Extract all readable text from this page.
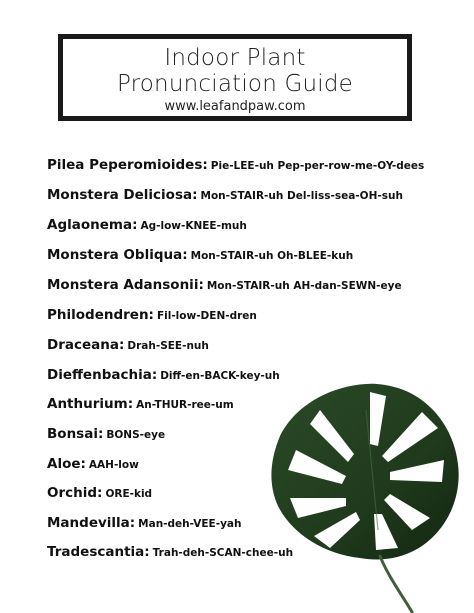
Indoor Plant
Pronunciation Guide
www.leafandpaw.com
Pilea Peperomioides: Pie-LEE-uh Pep-per-row-me-OY-dees
Monstera Deliciosa: Mon-STAIR-uh Del-liss-sea-OH-suh
Aglaonema: Ag-low-KNEE-muh
Monstera Obliqua: Mon-STAIR-uh Oh-BLEE-kuh
Monstera Adansonii: Mon-STAIR-uh AH-dan-SEWN-eye
Philodendren: Fil-low-DEN-dren
Draceana: Drah-SEE-nuh
Dieffenbachia: Diff-en-BACK-key-uh
Anthurium: An-THUR-ree-um
Bonsai: BONS-eye
Aloe: AAH-low
Orchid: ORE-kid
Mandevilla: Man-deh-VEE-yah
Tradescantia: Trah-deh-SCAN-chee-uh
